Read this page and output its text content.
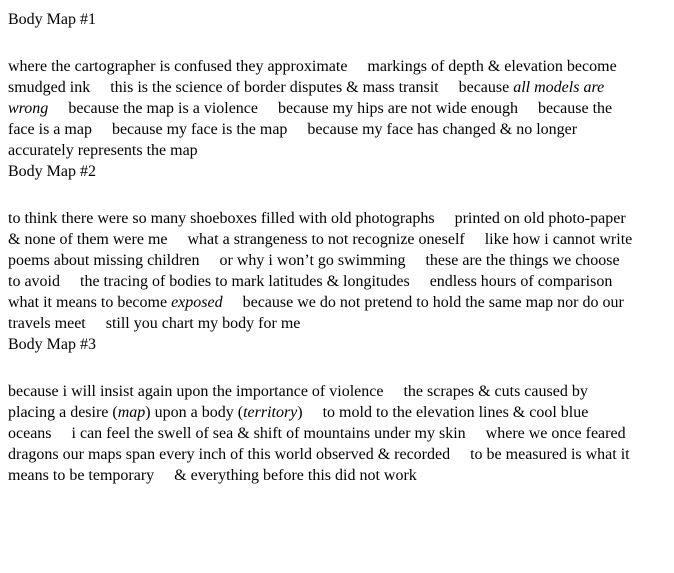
Body Map #1
where the cartographer is confused they approximate     markings of depth & elevation become
smudged ink     this is the science of border disputes & mass transit     because all models are
wrong     because the map is a violence     because my hips are not wide enough     because the
face is a map     because my face is the map     because my face has changed & no longer
accurately represents the map
Body Map #2
to think there were so many shoeboxes filled with old photographs     printed on old photo-paper
& none of them were me     what a strangeness to not recognize oneself     like how i cannot write
poems about missing children     or why i won’t go swimming     these are the things we choose
to avoid     the tracing of bodies to mark latitudes & longitudes     endless hours of comparison
what it means to become exposed     because we do not pretend to hold the same map nor do our
travels meet     still you chart my body for me
Body Map #3
because i will insist again upon the importance of violence     the scrapes & cuts caused by
placing a desire (map) upon a body (territory)     to mold to the elevation lines & cool blue
oceans     i can feel the swell of sea & shift of mountains under my skin     where we once feared
dragons our maps span every inch of this world observed & recorded     to be measured is what it
means to be temporary     & everything before this did not work
